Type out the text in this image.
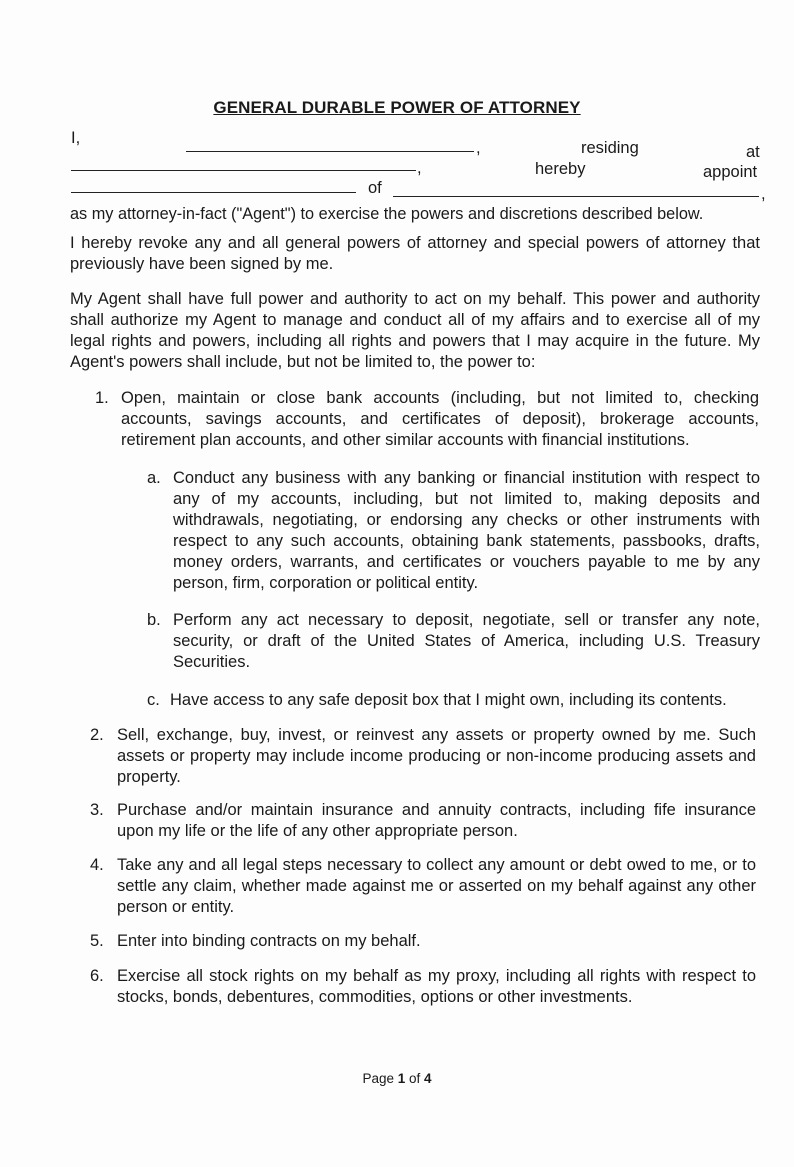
GENERAL DURABLE POWER OF ATTORNEY
I,
,	residing	at
,	hereby	appoint
of	,
as my attorney-in-fact ("Agent") to exercise the powers and discretions described below.
I hereby revoke any and all general powers of attorney and special powers of attorney that previously have been signed by me.
My Agent shall have full power and authority to act on my behalf. This power and authority shall authorize my Agent to manage and conduct all of my affairs and to exercise all of my legal rights and powers, including all rights and powers that I may acquire in the future. My Agent's powers shall include, but not be limited to, the power to:
1. Open, maintain or close bank accounts (including, but not limited to, checking accounts, savings accounts, and certificates of deposit), brokerage accounts, retirement plan accounts, and other similar accounts with financial institutions.
a. Conduct any business with any banking or financial institution with respect to any of my accounts, including, but not limited to, making deposits and withdrawals, negotiating, or endorsing any checks or other instruments with respect to any such accounts, obtaining bank statements, passbooks, drafts, money orders, warrants, and certificates or vouchers payable to me by any person, firm, corporation or political entity.
b. Perform any act necessary to deposit, negotiate, sell or transfer any note, security, or draft of the United States of America, including U.S. Treasury Securities.
c. Have access to any safe deposit box that I might own, including its contents.
2. Sell, exchange, buy, invest, or reinvest any assets or property owned by me. Such assets or property may include income producing or non-income producing assets and property.
3. Purchase and/or maintain insurance and annuity contracts, including fife insurance upon my life or the life of any other appropriate person.
4. Take any and all legal steps necessary to collect any amount or debt owed to me, or to settle any claim, whether made against me or asserted on my behalf against any other person or entity.
5. Enter into binding contracts on my behalf.
6. Exercise all stock rights on my behalf as my proxy, including all rights with respect to stocks, bonds, debentures, commodities, options or other investments.
Page 1 of 4
